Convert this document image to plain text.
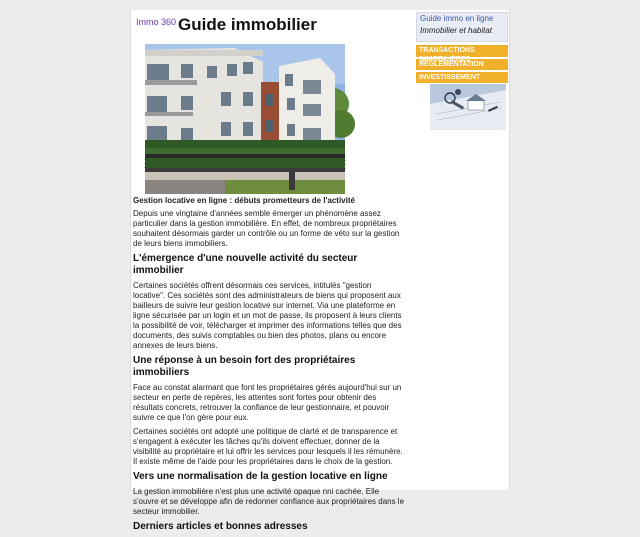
Immo 360 Guide immobilier
Gestion locative en ligne : débuts prometteurs de l'activité

Depuis une vingtaine d'années semble émerger un phénomène assez particulier dans la gestion immobilière. En effet, de nombreux propriétaires souhaitent désormais garder un contrôle ou un forme de véto sur la gestion de leurs biens immobiliers.

L'émergence d'une nouvelle activité du secteur immobilier

Certaines sociétés offrent désormais ces services, intitulés "gestion locative". Ces sociétés sont des administrateurs de biens qui proposent aux bailleurs de suivre leur gestion locative sur internet. Via une plateforme en ligne sécurisée par un login et un mot de passe, ils proposent à leurs clients la possibilité de voir, télécharger et imprimer des informations telles que des documents, des suivis comptables ou bien des photos, plans ou encore annexes de leurs biens.

Une réponse à un besoin fort des propriétaires immobiliers

Face au constat alarmant que font les propriétaires gérés aujourd'hui sur un secteur en perte de repères, les attentes sont fortes pour obtenir des résultats concrets, retrouver la confiance de leur gestionnaire, et pouvoir suivre ce que l'on gère pour eux.

Certaines sociétés ont adopté une politique de clarté et de transparence et s'engagent à exécuter les tâches qu'ils doivent effectuer, donner de la visibilité au propriétaire et lui offrir les services pour lesquels il les rémunère. Il existe même de l'aide pour les propriétaires dans le choix de la gestion.

Vers une normalisation de la gestion locative en ligne

La gestion immobilière n'est plus une activité opaque nni cachée. Elle s'ouvre et se développe afin de redonner confiance aux propriétaires dans le secteur immobilier.

Derniers articles et bonnes adresses
Guide immo en ligne
Immobilier et habitat
TRANSACTIONS
RÉGLEMENTATION
INVESTISSEMENT
